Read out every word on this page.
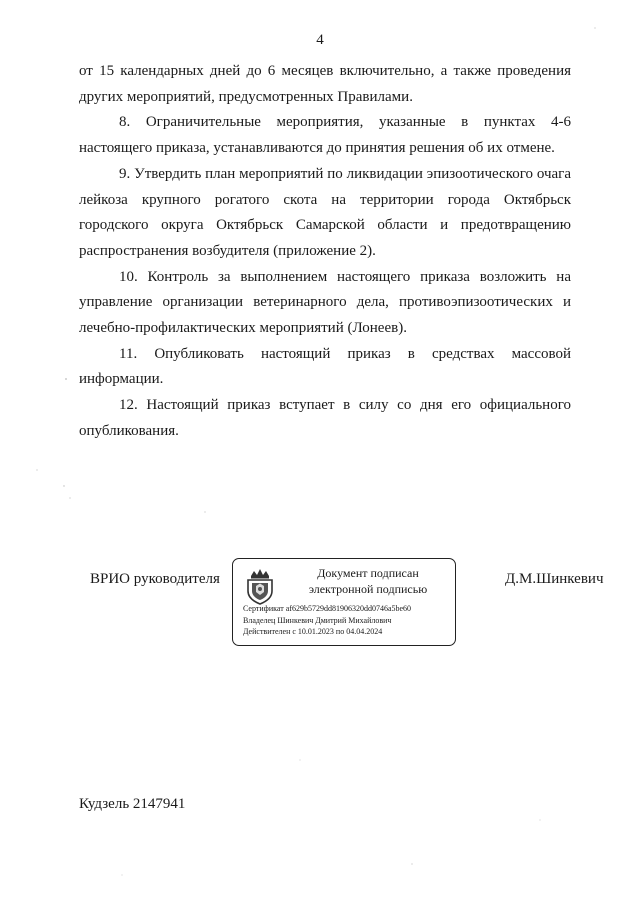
4

от 15 календарных дней до 6 месяцев включительно, а также проведения других мероприятий, предусмотренных Правилами.

8. Ограничительные мероприятия, указанные в пунктах 4-6 настоящего приказа, устанавливаются до принятия решения об их отмене.

9. Утвердить план мероприятий по ликвидации эпизоотического очага лейкоза крупного рогатого скота на территории города Октябрьск городского округа Октябрьск Самарской области и предотвращению распространения возбудителя (приложение 2).

10. Контроль за выполнением настоящего приказа возложить на управление организации ветеринарного дела, противоэпизоотических и лечебно-профилактических мероприятий (Лонеев).

11. Опубликовать настоящий приказ в средствах массовой информации.

12. Настоящий приказ вступает в силу со дня его официального опубликования.

ВРИО руководителя	Документ подписан
электронной подписью
Сертификат af629b5729dd81906320dd0746a5be60
Владелец Шинкевич Дмитрий Михайлович
Действителен с 10.01.2023 по 04.04.2024
Д.М.Шинкевич
Кудзель 2147941
